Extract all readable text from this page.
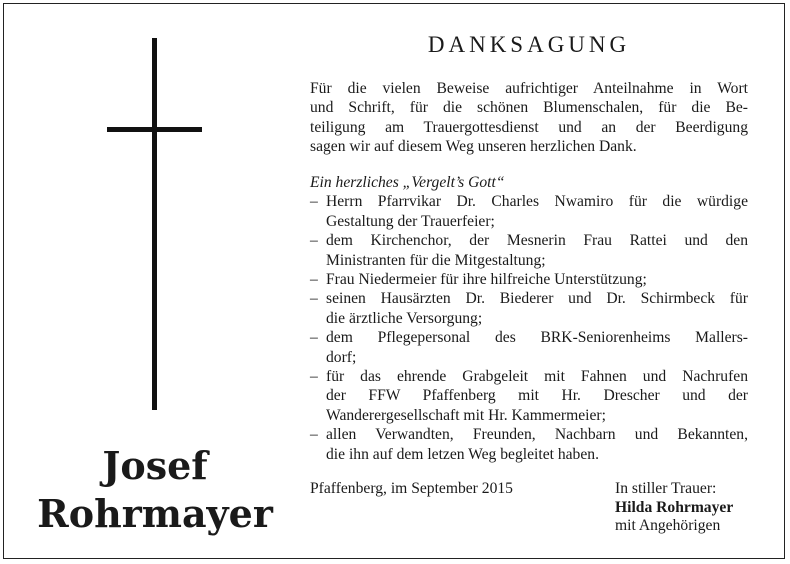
Josef
Rohrmayer
DANKSAGUNG
Für die vielen Beweise aufrichtiger Anteilnahme in Wort
und Schrift, für die schönen Blumenschalen, für die Be-
teiligung am Trauergottesdienst und an der Beerdigung
sagen wir auf diesem Weg unseren herzlichen Dank.
Ein herzliches „Vergelt’s Gott“
– Herrn Pfarrvikar Dr. Charles Nwamiro für die würdige
Gestaltung der Trauerfeier;
– dem Kirchenchor, der Mesnerin Frau Rattei und den
Ministranten für die Mitgestaltung;
– Frau Niedermeier für ihre hilfreiche Unterstützung;
– seinen Hausärzten Dr. Biederer und Dr. Schirmbeck für
die ärztliche Versorgung;
– dem Pflegepersonal des BRK-Seniorenheims Mallers-
dorf;
– für das ehrende Grabgeleit mit Fahnen und Nachrufen
der FFW Pfaffenberg mit Hr. Drescher und der
Wanderergesellschaft mit Hr. Kammermeier;
– allen Verwandten, Freunden, Nachbarn und Bekannten,
die ihn auf dem letzen Weg begleitet haben.
Pfaffenberg, im September 2015	In stiller Trauer:
Hilda Rohrmayer
mit Angehörigen
